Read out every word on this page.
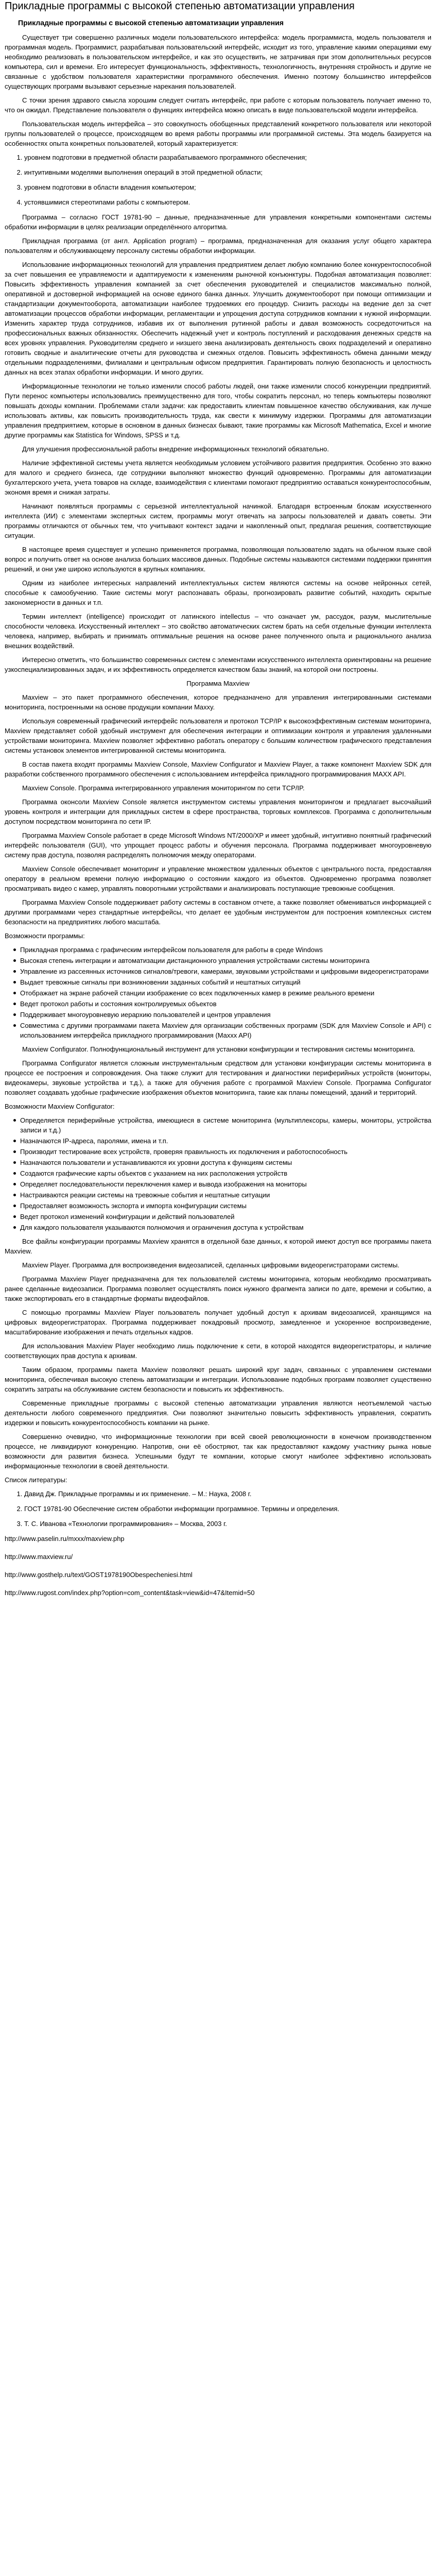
Прикладные программы с высокой степенью автоматизации управления
Прикладные программы с высокой степенью автоматизации управления

Существует три совершенно различных модели пользовательского интерфейса: модель программиста, модель пользователя и программная модель. Программист, разрабатывая пользовательский интерфейс, исходит из того, управление какими операциями ему необходимо реализовать в пользовательском интерфейсе, и как это осуществить, не затрачивая при этом дополнительных ресурсов компьютера, сил и времени. Его интересует функциональность, эффективность, технологичность, внутренняя стройность и другие не связанные с удобством пользователя характеристики программного обеспечения. Именно поэтому большинство интерфейсов существующих программ вызывают серьезные нарекания пользователей.

С точки зрения здравого смысла хорошим следует считать интерфейс, при работе с которым пользователь получает именно то, что он ожидал. Представление пользователя о функциях интерфейса можно описать в виде пользовательской модели интерфейса.

Пользовательская модель интерфейса – это совокупность обобщенных представлений конкретного пользователя или некоторой группы пользователей о процессе, происходящем во время работы программы или программной системы. Эта модель базируется на особенностях опыта конкретных пользователей, который характеризуется:

1. уровнем подготовки в предметной области разрабатываемого программного обеспечения;
2. интуитивными моделями выполнения операций в этой предметной области;
3. уровнем подготовки в области владения компьютером;
4. устоявшимися стереотипами работы с компьютером.

Программа – согласно ГОСТ 19781-90 – данные, предназначенные для управления конкретными компонентами системы обработки информации в целях реализации определённого алгоритма.

Прикладная программа (от англ. Application program) – программа, предназначенная для оказания услуг общего характера пользователям и обслуживающему персоналу системы обработки информации.

Использование информационных технологий для управления предприятием делает любую компанию более конкурентоспособной за счет повышения ее управляемости и адаптируемости к изменениям рыночной конъюнктуры. Подобная автоматизация позволяет: Повысить эффективность управления компанией за счет обеспечения руководителей и специалистов максимально полной, оперативной и достоверной информацией на основе единого банка данных. Улучшить документооборот при помощи оптимизации и стандартизации документооборота, автоматизации наиболее трудоемких его процедур. Снизить расходы на ведение дел за счет автоматизации процессов обработки информации, регламентации и упрощения доступа сотрудников компании к нужной информации. Изменить характер труда сотрудников, избавив их от выполнения рутинной работы и давая возможность сосредоточиться на профессиональных важных обязанностях. Обеспечить надежный учет и контроль поступлений и расходования денежных средств на всех уровнях управления. Руководителям среднего и низшего звена анализировать деятельность своих подразделений и оперативно готовить сводные и аналитические отчеты для руководства и смежных отделов. Повысить эффективность обмена данными между отдельными подразделениями, филиалами и центральным офисом предприятия. Гарантировать полную безопасность и целостность данных на всех этапах обработки информации. И много других.

Информационные технологии не только изменили способ работы людей, они также изменили способ конкуренции предприятий. Пути перенос компьютеры использовались преимущественно для того, чтобы сократить персонал, но теперь компьютеры позволяют повышать доходы компании. Проблемами стали задачи: как предоставить клиентам повышенное качество обслуживания, как лучше использовать активы, как повысить производительность труда, как свести к минимуму издержки. Программы для автоматизации управления предприятием, которые в основном в данных бизнесах бывают, такие программы как Microsoft Mathematica, Excel и многие другие программы как Statistica for Windows, SPSS и т.д.

Для улучшения профессиональной работы внедрение информационных технологий обязательно.

Наличие эффективной системы учета является необходимым условием устойчивого развития предприятия. Особенно это важно для малого и среднего бизнеса, где сотрудники выполняют множество функций одновременно. Программы для автоматизации бухгалтерского учета, учета товаров на складе, взаимодействия с клиентами помогают предприятию оставаться конкурентоспособным, экономя время и снижая затраты.

Начинают появляться программы с серьезной интеллектуальной начинкой. Благодаря встроенным блокам искусственного интеллекта (ИИ) с элементами экспертных систем, программы могут отвечать на запросы пользователей и давать советы. Эти программы отличаются от обычных тем, что учитывают контекст задачи и накопленный опыт, предлагая решения, соответствующие ситуации.

В настоящее время существует и успешно применяется программа, позволяющая пользователю задать на обычном языке свой вопрос и получить ответ на основе анализа больших массивов данных. Подобные системы называются системами поддержки принятия решений, и они уже широко используются в крупных компаниях.

Одним из наиболее интересных направлений интеллектуальных систем являются системы на основе нейронных сетей, способные к самообучению. Такие системы могут распознавать образы, прогнозировать развитие событий, находить скрытые закономерности в данных и т.п.

Термин интеллект (intelligence) происходит от латинского intellectus – что означает ум, рассудок, разум, мыслительные способности человека. Искусственный интеллект – это свойство автоматических систем брать на себя отдельные функции интеллекта человека, например, выбирать и принимать оптимальные решения на основе ранее полученного опыта и рационального анализа внешних воздействий.

Интересно отметить, что большинство современных систем с элементами искусственного интеллекта ориентированы на решение узкоспециализированных задач, и их эффективность определяется качеством базы знаний, на которой они построены.

Программа Maxview

Maxview – это пакет программного обеспечения, которое предназначено для управления интегрированными системами мониторинга, построенными на основе продукции компании Maxxy.

Используя современный графический интерфейс пользователя и протокол TCP/IP к высокоэффективным системам мониторинга, Maxview представляет собой удобный инструмент для обеспечения интеграции и оптимизации контроля и управления удаленными устройствами мониторинга. Maxview позволяет эффективно работать оператору с большим количеством графического представления системы установок элементов интегрированной системы мониторинга.

В состав пакета входят программы Maxview Console, Maxview Configurator и Maxview Player, а также компонент Maxview SDK для разработки собственного программного обеспечения с использованием интерфейса прикладного программирования MAXX API.

Maxview Console. Программа интегрированного управления мониторингом по сети TCP/IP.

Программа оконсоли Maxview Console является инструментом системы управления мониторингом и предлагает высочайший уровень контроля и интеграции для прикладных систем в сфере пространства, торговых комплексов. Программа с дополнительным доступом посредством мониторинга по сети IP.

Программа Maxview Console работает в среде Microsoft Windows NT/2000/XP и имеет удобный, интуитивно понятный графический интерфейс пользователя (GUI), что упрощает процесс работы и обучения персонала. Программа поддерживает многоуровневую систему прав доступа, позволяя распределять полномочия между операторами.

Maxview Console обеспечивает мониторинг и управление множеством удаленных объектов с центрального поста, предоставляя оператору в реальном времени полную информацию о состоянии каждого из объектов. Одновременно программа позволяет просматривать видео с камер, управлять поворотными устройствами и анализировать поступающие тревожные сообщения.

Программа Maxview Console поддерживает работу системы в составном отчете, а также позволяет обмениваться информацией с другими программами через стандартные интерфейсы, что делает ее удобным инструментом для построения комплексных систем безопасности на предприятиях любого масштаба.

Возможности программы:

Прикладная программа с графическим интерфейсом пользователя для работы в среде Windows
Высокая степень интеграции и автоматизации дистанционного управления устройствами системы мониторинга
Управление из рассеянных источников сигналов/тревоги, камерами, звуковыми устройствами и цифровыми видеорегистраторами
Выдает тревожные сигналы при возникновении заданных событий и нештатных ситуаций
Отображает на экране рабочей станции изображение со всех подключенных камер в режиме реального времени
Ведет протокол работы и состояния контролируемых объектов
Поддерживает многоуровневую иерархию пользователей и центров управления
Совместима с другими программами пакета Maxview для организации собственных программ (SDK для Maxview Console и API) с использованием интерфейса прикладного программирования (Maxxx API)

Maxview Configurator. Полнофункциональный инструмент для установки конфигурации и тестирования системы мониторинга.

Программа Configurator является сложным инструментальным средством для установки конфигурации системы мониторинга в процессе ее построения и сопровождения. Она также служит для тестирования и диагностики периферийных устройств (мониторы, видеокамеры, звуковые устройства и т.д.), а также для обучения работе с программой Maxview Console. Программа Configurator позволяет создавать удобные графические изображения объектов мониторинга, такие как планы помещений, зданий и территорий.

Возможности Maxview Configurator:

Определяется периферийные устройства, имеющиеся в системе мониторинга (мультиплексоры, камеры, мониторы, устройства записи и т.д.)
Назначаются IP-адреса, паролями, имена и т.п.
Производит тестирование всех устройств, проверяя правильность их подключения и работоспособность
Назначаются пользователи и устанавливаются их уровни доступа к функциям системы
Создаются графические карты объектов с указанием на них расположения устройств
Определяет последовательности переключения камер и вывода изображения на мониторы
Настраиваются реакции системы на тревожные события и нештатные ситуации
Предоставляет возможность экспорта и импорта конфигурации системы
Ведет протокол изменений конфигурации и действий пользователей
Для каждого пользователя указываются полномочия и ограничения доступа к устройствам

Все файлы конфигурации программы Maxview хранятся в отдельной базе данных, к которой имеют доступ все программы пакета Maxview.

Maxview Player. Программа для воспроизведения видеозаписей, сделанных цифровыми видеорегистраторами системы.

Программа Maxview Player предназначена для тех пользователей системы мониторинга, которым необходимо просматривать ранее сделанные видеозаписи. Программа позволяет осуществлять поиск нужного фрагмента записи по дате, времени и событию, а также экспортировать его в стандартные форматы видеофайлов.

С помощью программы Maxview Player пользователь получает удобный доступ к архивам видеозаписей, хранящимся на цифровых видеорегистраторах. Программа поддерживает покадровый просмотр, замедленное и ускоренное воспроизведение, масштабирование изображения и печать отдельных кадров.

Для использования Maxview Player необходимо лишь подключение к сети, в которой находятся видеорегистраторы, и наличие соответствующих прав доступа к архивам.

Таким образом, программы пакета Maxview позволяют решать широкий круг задач, связанных с управлением системами мониторинга, обеспечивая высокую степень автоматизации и интеграции. Использование подобных программ позволяет существенно сократить затраты на обслуживание систем безопасности и повысить их эффективность.

Современные прикладные программы с высокой степенью автоматизации управления являются неотъемлемой частью деятельности любого современного предприятия. Они позволяют значительно повысить эффективность управления, сократить издержки и повысить конкурентоспособность компании на рынке.

Совершенно очевидно, что информационные технологии при всей своей революционности в конечном производственном процессе, не ликвидируют конкуренцию. Напротив, они её обостряют, так как предоставляют каждому участнику рынка новые возможности для развития бизнеса. Успешными будут те компании, которые смогут наиболее эффективно использовать информационные технологии в своей деятельности.

Список литературы:

1. Давид Дж. Прикладные программы и их применение. – М.: Наука, 2008 г.
2. ГОСТ 19781-90 Обеспечение систем обработки информации программное. Термины и определения.
3. Т. С. Иванова «Технологии программирования» – Москва, 2003 г.
http://www.paselin.ru/mxxx/maxview.php
http://www.maxview.ru/
http://www.gosthelp.ru/text/GOST1978190Obespecheniesi.html
http://www.rugost.com/index.php?option=com_content&task=view&id=47&Itemid=50
